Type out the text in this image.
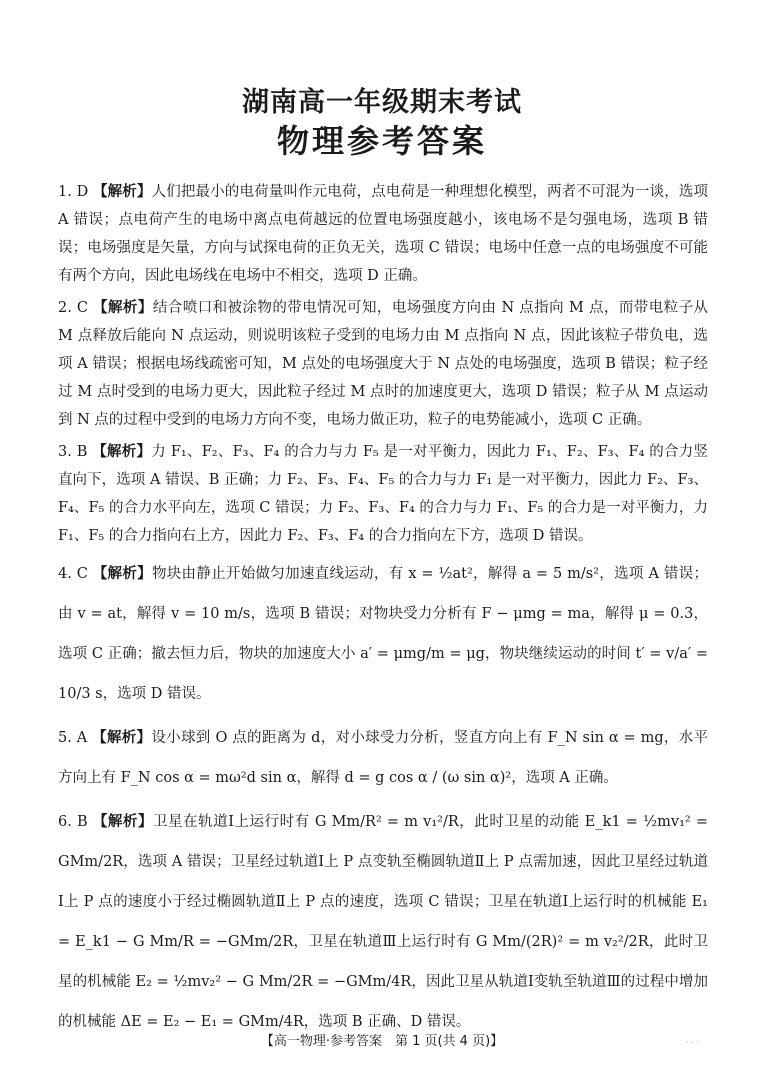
湖南高一年级期末考试
物理参考答案

1. D 【解析】人们把最小的电荷量叫作元电荷，点电荷是一种理想化模型，两者不可混为一谈，选项 A 错误；点电荷产生的电场中离点电荷越远的位置电场强度越小，该电场不是匀强电场，选项 B 错误；电场强度是矢量，方向与试探电荷的正负无关，选项 C 错误；电场中任意一点的电场强度不可能有两个方向，因此电场线在电场中不相交，选项 D 正确。

2. C 【解析】结合喷口和被涂物的带电情况可知，电场强度方向由 N 点指向 M 点，而带电粒子从 M 点释放后能向 N 点运动，则说明该粒子受到的电场力由 M 点指向 N 点，因此该粒子带负电，选项 A 错误；根据电场线疏密可知，M 点处的电场强度大于 N 点处的电场强度，选项 B 错误；粒子经过 M 点时受到的电场力更大，因此粒子经过 M 点时的加速度更大，选项 D 错误；粒子从 M 点运动到 N 点的过程中受到的电场力方向不变，电场力做正功，粒子的电势能减小，选项 C 正确。

3. B 【解析】力 F₁、F₂、F₃、F₄ 的合力与力 F₅ 是一对平衡力，因此力 F₁、F₂、F₃、F₄ 的合力竖直向下，选项 A 错误、B 正确；力 F₂、F₃、F₄、F₅ 的合力与力 F₁ 是一对平衡力，因此力 F₂、F₃、F₄、F₅ 的合力水平向左，选项 C 错误；力 F₂、F₃、F₄ 的合力与力 F₁、F₅ 的合力是一对平衡力，力 F₁、F₅ 的合力指向右上方，因此力 F₂、F₃、F₄ 的合力指向左下方，选项 D 错误。

4. C 【解析】物块由静止开始做匀加速直线运动，有 x = ½at²，解得 a = 5 m/s²，选项 A 错误；由 v = at，解得 v = 10 m/s，选项 B 错误；对物块受力分析有 F − μmg = ma，解得 μ = 0.3，选项 C 正确；撤去恒力后，物块的加速度大小 a′ = μmg/m = μg，物块继续运动的时间 t′ = v/a′ = 10/3 s，选项 D 错误。

5. A 【解析】设小球到 O 点的距离为 d，对小球受力分析，竖直方向上有 F_N sin α = mg，水平方向上有 F_N cos α = mω²d sin α，解得 d = g cos α / (ω sin α)²，选项 A 正确。

6. B 【解析】卫星在轨道Ⅰ上运行时有 G Mm/R² = m v₁²/R，此时卫星的动能 E_k1 = ½mv₁² = GMm/2R，选项 A 错误；卫星经过轨道Ⅰ上 P 点变轨至椭圆轨道Ⅱ上 P 点需加速，因此卫星经过轨道Ⅰ上 P 点的速度小于经过椭圆轨道Ⅱ上 P 点的速度，选项 C 错误；卫星在轨道Ⅰ上运行时的机械能 E₁ = E_k1 − G Mm/R = −GMm/2R，卫星在轨道Ⅲ上运行时有 G Mm/(2R)² = m v₂²/2R，此时卫星的机械能 E₂ = ½mv₂² − G Mm/2R = −GMm/4R，因此卫星从轨道Ⅰ变轨至轨道Ⅲ的过程中增加的机械能 ΔE = E₂ − E₁ = GMm/4R，选项 B 正确、D 错误。

【高一物理·参考答案　第 1 页(共 4 页)】	· · ·
